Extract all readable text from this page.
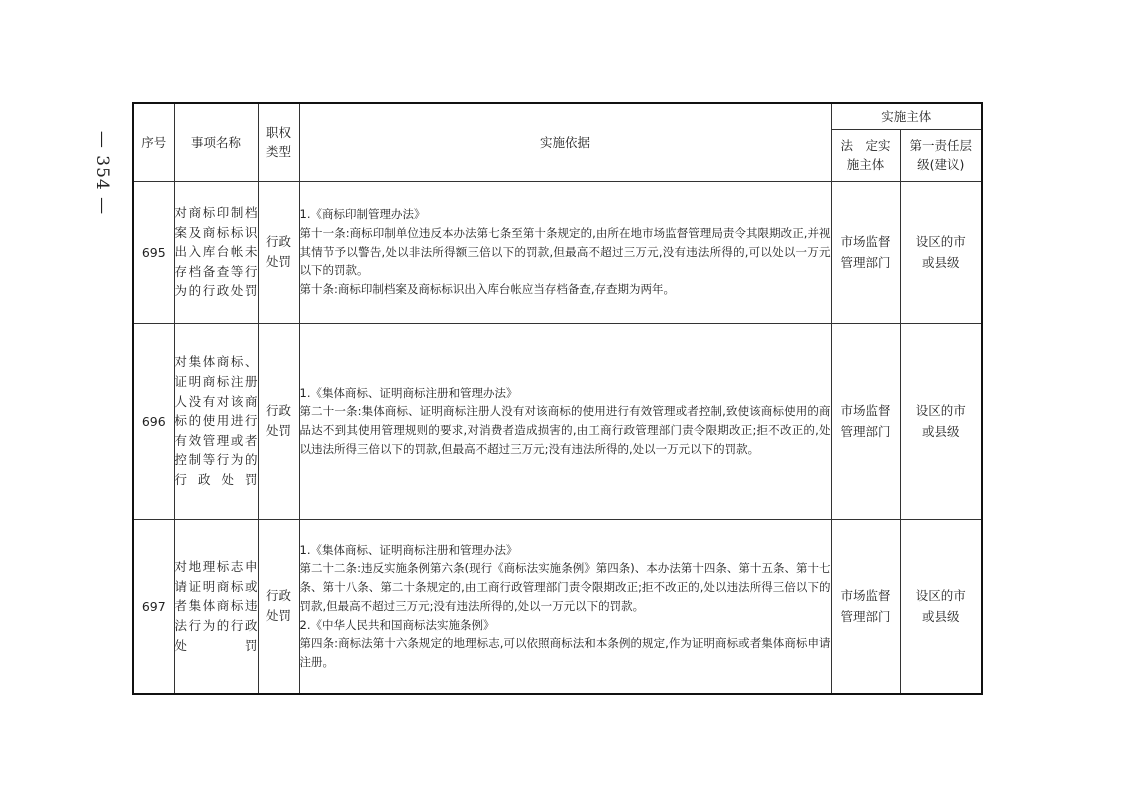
— 354 — 序号	事项名称	职权类型	实施依据	实施主体	

				法　定实施主体	第一责任层级(建议)

695	对商标印制档案及商标标识出入库台帐未存档备查等行为的行政处罚	行政处罚	1.《商标印制管理办法》

第十一条:商标印制单位违反本办法第七条至第十条规定的,由所在地市场监督管理局责令其限期改正,并视其情节予以警告,处以非法所得额三倍以下的罚款,但最高不超过三万元,没有违法所得的,可以处以一万元以下的罚款。

第十条:商标印制档案及商标标识出入库台帐应当存档备查,存查期为两年。	市场监督管理部门	设区的市或县级

696	对集体商标、证明商标注册人没有对该商标的使用进行有效管理或者控制等行为的行政处罚	行政处罚	1.《集体商标、证明商标注册和管理办法》

第二十一条:集体商标、证明商标注册人没有对该商标的使用进行有效管理或者控制,致使该商标使用的商品达不到其使用管理规则的要求,对消费者造成损害的,由工商行政管理部门责令限期改正;拒不改正的,处以违法所得三倍以下的罚款,但最高不超过三万元;没有违法所得的,处以一万元以下的罚款。	市场监督管理部门	设区的市或县级

697	对地理标志申请证明商标或者集体商标违法行为的行政处罚	行政处罚	1.《集体商标、证明商标注册和管理办法》

第二十二条:违反实施条例第六条(现行《商标法实施条例》第四条)、本办法第十四条、第十五条、第十七条、第十八条、第二十条规定的,由工商行政管理部门责令限期改正;拒不改正的,处以违法所得三倍以下的罚款,但最高不超过三万元;没有违法所得的,处以一万元以下的罚款。

2.《中华人民共和国商标法实施条例》

第四条:商标法第十六条规定的地理标志,可以依照商标法和本条例的规定,作为证明商标或者集体商标申请注册。	市场监督管理部门	设区的市或县级
